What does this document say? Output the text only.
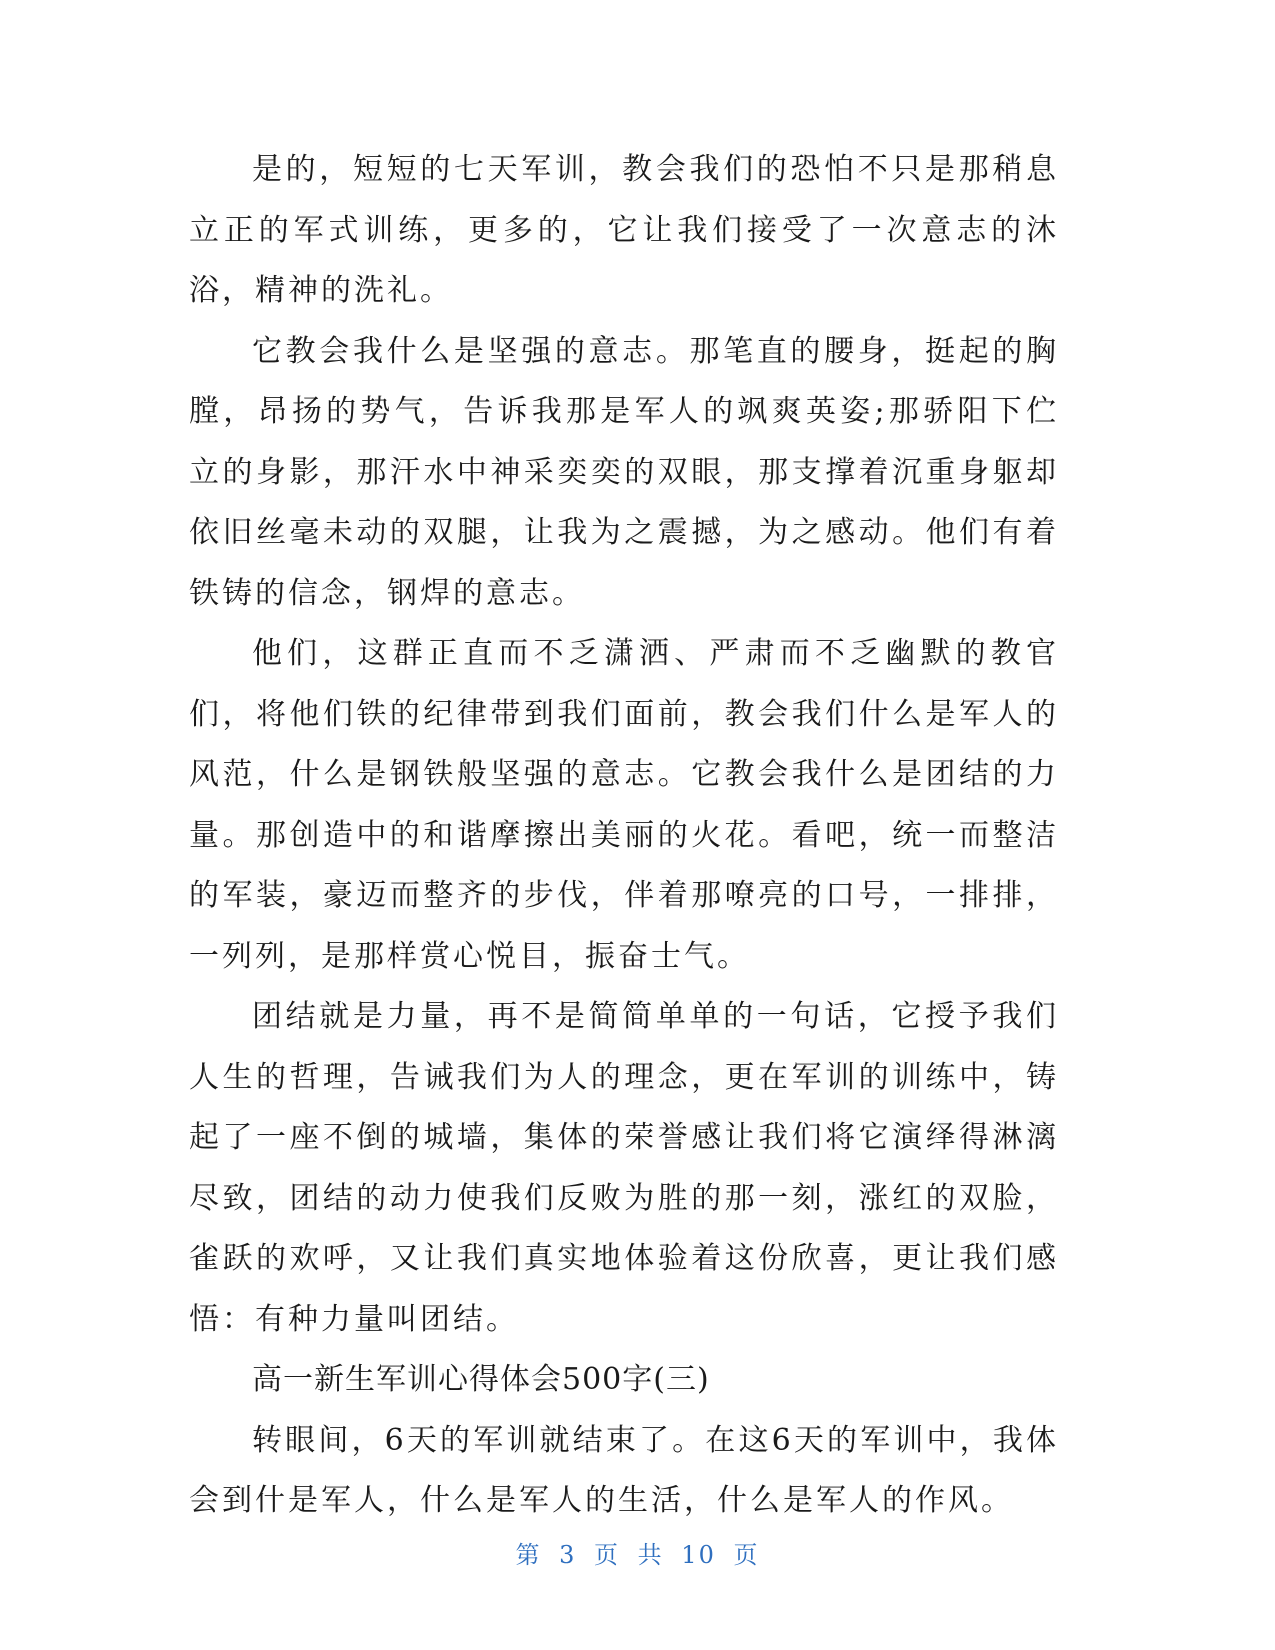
是的，短短的七天军训，教会我们的恐怕不只是那稍息立正的军式训练，更多的，它让我们接受了一次意志的沐浴，精神的洗礼。

它教会我什么是坚强的意志。那笔直的腰身，挺起的胸膛，昂扬的势气，告诉我那是军人的飒爽英姿;那骄阳下伫立的身影，那汗水中神采奕奕的双眼，那支撑着沉重身躯却依旧丝毫未动的双腿，让我为之震撼，为之感动。他们有着铁铸的信念，钢焊的意志。

他们，这群正直而不乏潇洒、严肃而不乏幽默的教官们，将他们铁的纪律带到我们面前，教会我们什么是军人的风范，什么是钢铁般坚强的意志。它教会我什么是团结的力量。那创造中的和谐摩擦出美丽的火花。看吧，统一而整洁的军装，豪迈而整齐的步伐，伴着那嘹亮的口号，一排排，一列列，是那样赏心悦目，振奋士气。

团结就是力量，再不是简简单单的一句话，它授予我们人生的哲理，告诫我们为人的理念，更在军训的训练中，铸起了一座不倒的城墙，集体的荣誉感让我们将它演绎得淋漓尽致，团结的动力使我们反败为胜的那一刻，涨红的双脸，雀跃的欢呼，又让我们真实地体验着这份欣喜，更让我们感悟：有种力量叫团结。

高一新生军训心得体会500字(三)

转眼间，6天的军训就结束了。在这6天的军训中，我体会到什是军人，什么是军人的生活，什么是军人的作风。

第 3 页 共 10 页
